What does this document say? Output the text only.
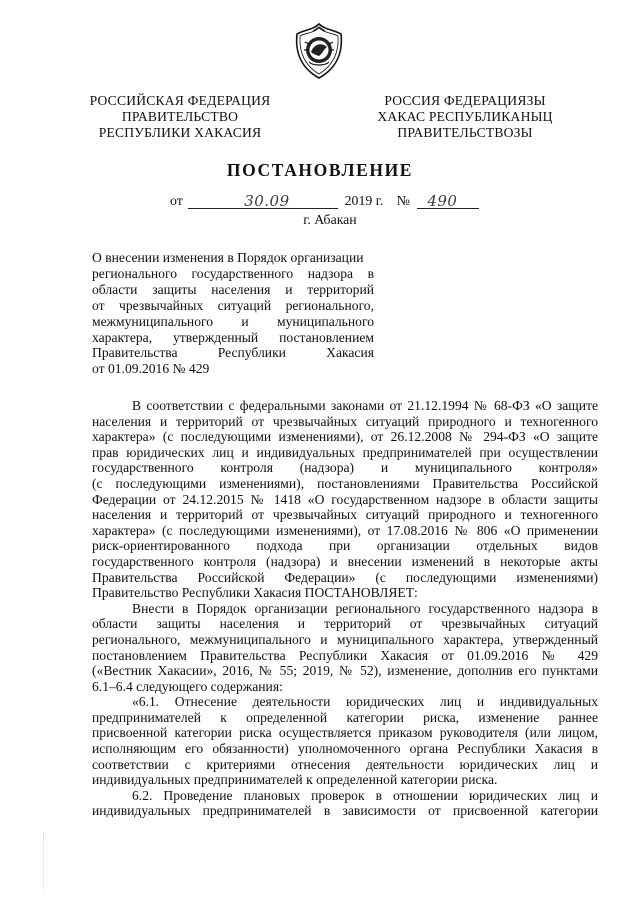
РОССИЙСКАЯ ФЕДЕРАЦИЯ
ПРАВИТЕЛЬСТВО
РЕСПУБЛИКИ ХАКАСИЯ
РОССИЯ ФЕДЕРАЦИЯЗЫ
ХАКАС РЕСПУБЛИКАНЫЦ
ПРАВИТЕЛЬСТВОЗЫ
ПОСТАНОВЛЕНИЕ
от	30.09	2019 г. № 490
г. Абакан
О внесении изменения в Порядок организации
регионального государственного надзора в
области защиты населения и территорий
от чрезвычайных ситуаций регионального,
межмуниципального и муниципального
характера, утвержденный постановлением
Правительства Республики Хакасия
от 01.09.2016 № 429
В соответствии с федеральными законами от 21.12.1994 № 68-ФЗ «О защите
населения и территорий от чрезвычайных ситуаций природного и техногенного
характера» (с последующими изменениями), от 26.12.2008 № 294-ФЗ «О защите
прав юридических лиц и индивидуальных предпринимателей при осуществлении
государственного контроля (надзора) и муниципального контроля»
(с последующими изменениями), постановлениями Правительства Российской
Федерации от 24.12.2015 № 1418 «О государственном надзоре в области защиты
населения и территорий от чрезвычайных ситуаций природного и техногенного
характера» (с последующими изменениями), от 17.08.2016 № 806 «О применении
риск-ориентированного подхода при организации отдельных видов
государственного контроля (надзора) и внесении изменений в некоторые акты
Правительства Российской Федерации» (с последующими изменениями)
Правительство Республики Хакасия ПОСТАНОВЛЯЕТ:
Внести в Порядок организации регионального государственного надзора в
области защиты населения и территорий от чрезвычайных ситуаций
регионального, межмуниципального и муниципального характера, утвержденный
постановлением Правительства Республики Хакасия от 01.09.2016 № 429
(«Вестник Хакасии», 2016, № 55; 2019, № 52), изменение, дополнив его пунктами
6.1–6.4 следующего содержания:
«6.1. Отнесение деятельности юридических лиц и индивидуальных
предпринимателей к определенной категории риска, изменение раннее
присвоенной категории риска осуществляется приказом руководителя (или лицом,
исполняющим его обязанности) уполномоченного органа Республики Хакасия в
соответствии с критериями отнесения деятельности юридических лиц и
индивидуальных предпринимателей к определенной категории риска.
6.2. Проведение плановых проверок в отношении юридических лиц и
индивидуальных предпринимателей в зависимости от присвоенной категории
